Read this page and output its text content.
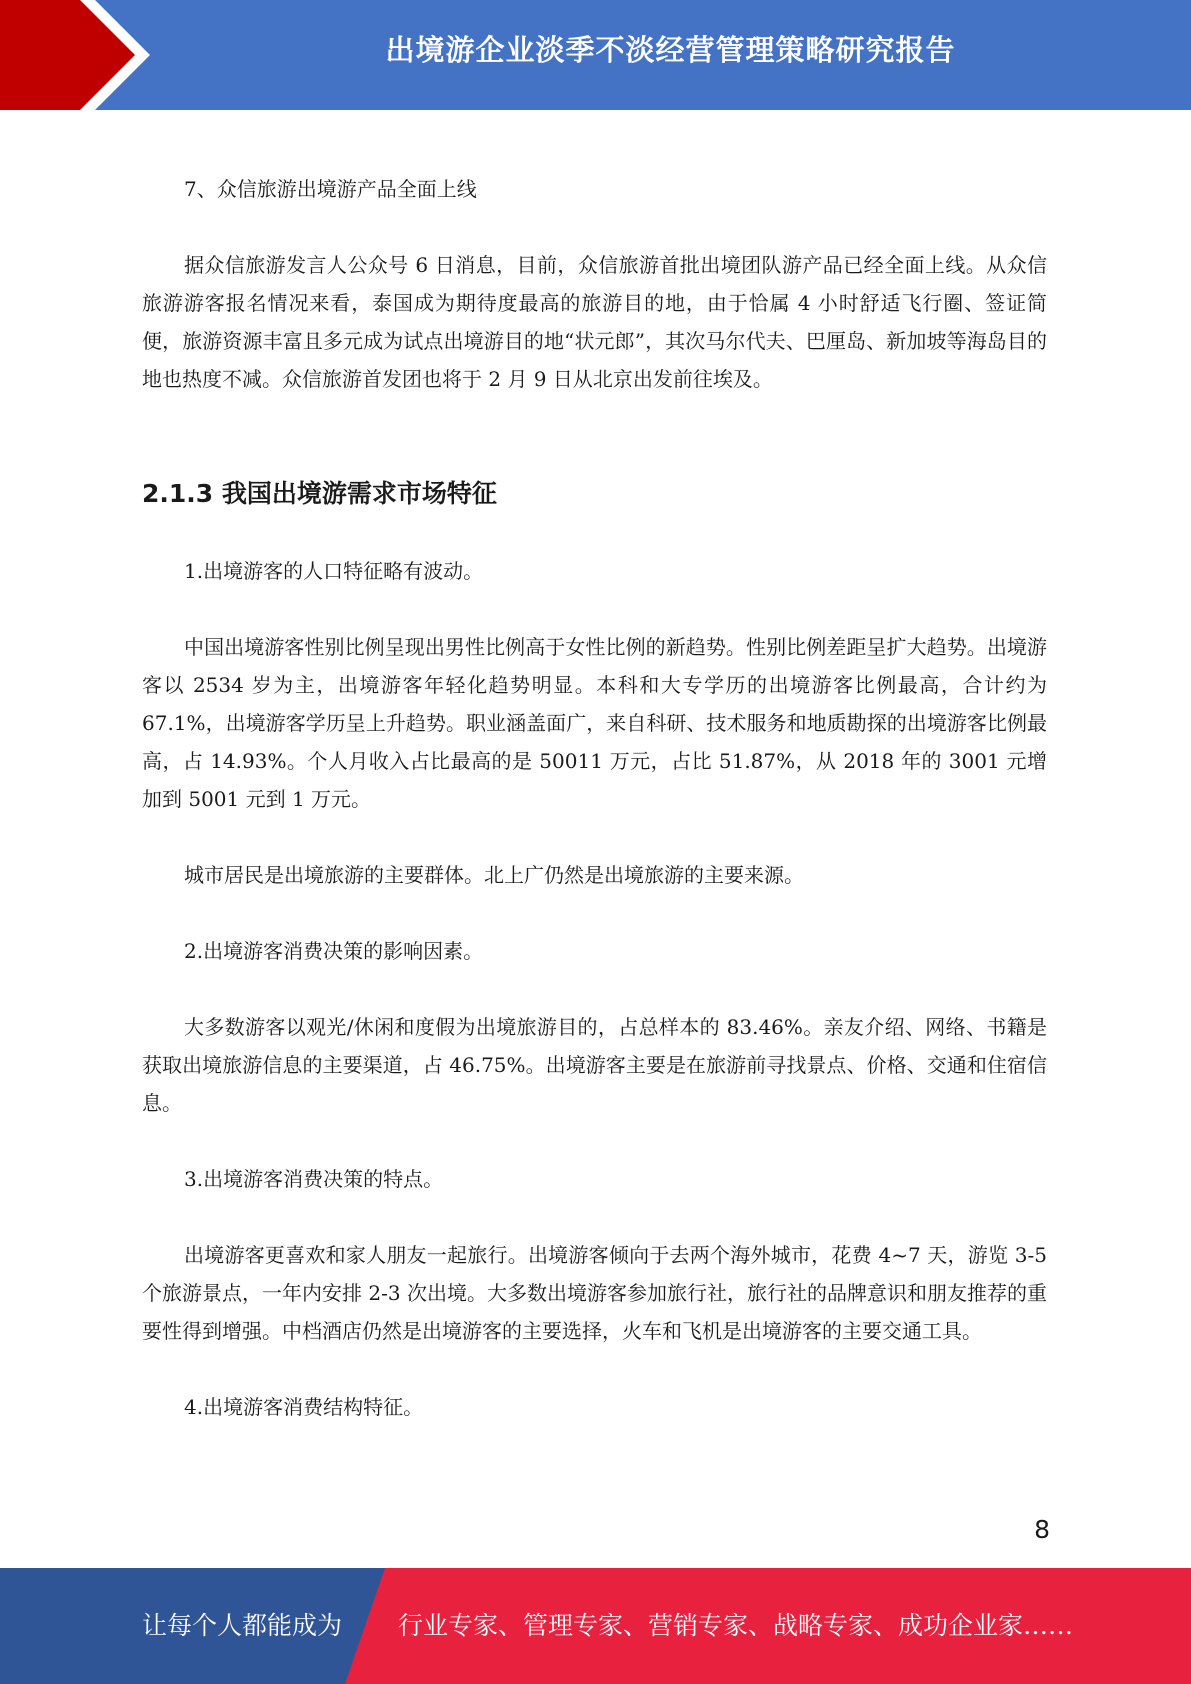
出境游企业淡季不淡经营管理策略研究报告

7、众信旅游出境游产品全面上线

据众信旅游发言人公众号 6 日消息，目前，众信旅游首批出境团队游产品已经全面上线。从众信旅游游客报名情况来看，泰国成为期待度最高的旅游目的地，由于恰属 4 小时舒适飞行圈、签证简便，旅游资源丰富且多元成为试点出境游目的地“状元郎”，其次马尔代夫、巴厘岛、新加坡等海岛目的地也热度不减。众信旅游首发团也将于 2 月 9 日从北京出发前往埃及。

2.1.3 我国出境游需求市场特征

1.出境游客的人口特征略有波动。

中国出境游客性别比例呈现出男性比例高于女性比例的新趋势。性别比例差距呈扩大趋势。出境游客以 2534 岁为主，出境游客年轻化趋势明显。本科和大专学历的出境游客比例最高，合计约为 67.1%，出境游客学历呈上升趋势。职业涵盖面广，来自科研、技术服务和地质勘探的出境游客比例最高，占 14.93%。个人月收入占比最高的是 50011 万元，占比 51.87%，从 2018 年的 3001 元增加到 5001 元到 1 万元。

城市居民是出境旅游的主要群体。北上广仍然是出境旅游的主要来源。

2.出境游客消费决策的影响因素。

大多数游客以观光/休闲和度假为出境旅游目的，占总样本的 83.46%。亲友介绍、网络、书籍是获取出境旅游信息的主要渠道，占 46.75%。出境游客主要是在旅游前寻找景点、价格、交通和住宿信息。

3.出境游客消费决策的特点。

出境游客更喜欢和家人朋友一起旅行。出境游客倾向于去两个海外城市，花费 4~7 天，游览 3-5 个旅游景点，一年内安排 2-3 次出境。大多数出境游客参加旅行社，旅行社的品牌意识和朋友推荐的重要性得到增强。中档酒店仍然是出境游客的主要选择，火车和飞机是出境游客的主要交通工具。

4.出境游客消费结构特征。

8
让每个人都能成为 行业专家、管理专家、营销专家、战略专家、成功企业家……
